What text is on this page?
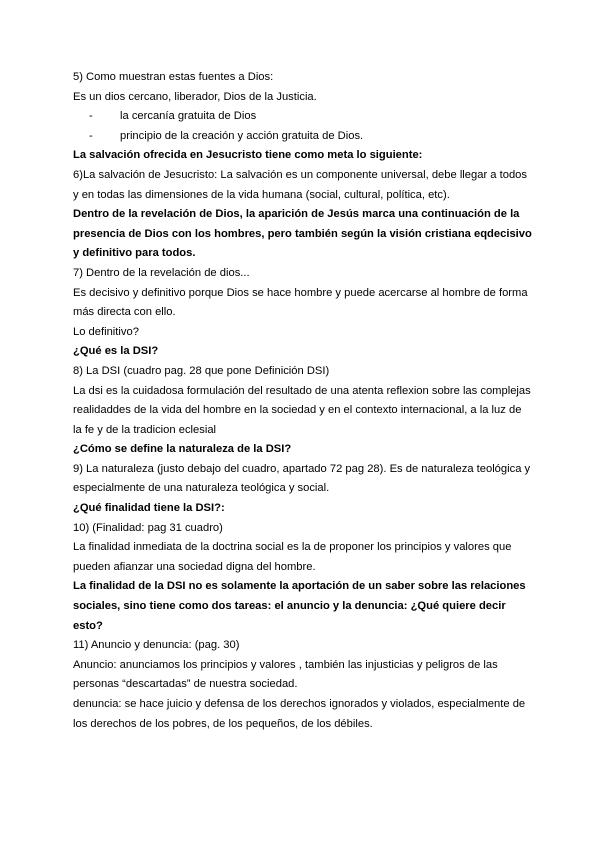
5) Como muestran estas fuentes a Dios:
Es un dios cercano, liberador, Dios de la Justicia.
-	la cercanía gratuita de Dios
-	principio de la creación y acción gratuita de Dios.
La salvación ofrecida en Jesucristo tiene como meta lo siguiente:
6)La salvación de Jesucristo: La salvación es un componente universal, debe llegar a todos
y en todas las dimensiones de la vida humana (social, cultural, política, etc).
Dentro de la revelación de Dios, la aparición de Jesús marca una continuación de la
presencia de Dios con los hombres, pero también según la visión cristiana eqdecisivo
y definitivo para todos.
7) Dentro de la revelación de dios...
Es decisivo y definitivo porque Dios se hace hombre y puede acercarse al hombre de forma
más directa con ello.
Lo definitivo?
¿Qué es la DSI?
8) La DSI (cuadro pag. 28 que pone Definición DSI)
La dsi es la cuidadosa formulación del resultado de una atenta reflexion sobre las complejas
realidaddes de la vida del hombre en la sociedad y en el contexto internacional, a la luz de
la fe y de la tradicion eclesial
¿Cómo se define la naturaleza de la DSI?
9) La naturaleza (justo debajo del cuadro, apartado 72 pag 28). Es de naturaleza teológica y
especialmente de una naturaleza teológica y social.
¿Qué finalidad tiene la DSI?:
10) (Finalidad: pag 31 cuadro)
La finalidad inmediata de la doctrina social es la de proponer los principios y valores que
pueden afianzar una sociedad digna del hombre.
La finalidad de la DSI no es solamente la aportación de un saber sobre las relaciones
sociales, sino tiene como dos tareas: el anuncio y la denuncia: ¿Qué quiere decir
esto?
11) Anuncio y denuncia: (pag. 30)
Anuncio: anunciamos los principios y valores , también las injusticias y peligros de las
personas “descartadas” de nuestra sociedad.
denuncia: se hace juicio y defensa de los derechos ignorados y violados, especialmente de
los derechos de los pobres, de los pequeños, de los débiles.
